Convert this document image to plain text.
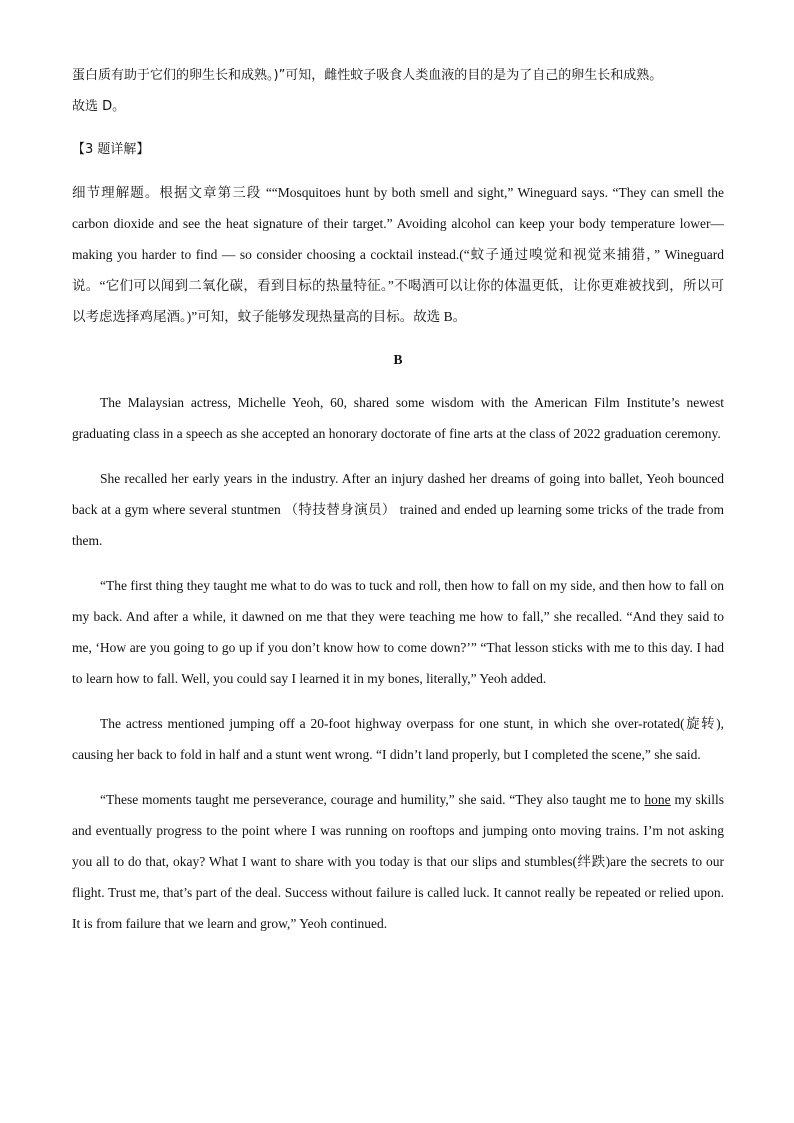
蛋白质有助于它们的卵生长和成熟。)”可知，雌性蚊子吸食人类血液的目的是为了自己的卵生长和成熟。

故选 D。

【3 题详解】

细节理解题。根据文章第三段 ““Mosquitoes hunt by both smell and sight,” Wineguard says. “They can smell the carbon dioxide and see the heat signature of their target.” Avoiding alcohol can keep your body temperature lower— making you harder to find — so consider choosing a cocktail instead.(“蚊子通过嗅觉和视觉来捕猎，” Wineguard 说。“它们可以闻到二氧化碳，看到目标的热量特征。”不喝酒可以让你的体温更低，让你更难被找到，所以可以考虑选择鸡尾酒。)”可知，蚊子能够发现热量高的目标。故选 B。

B

The Malaysian actress, Michelle Yeoh, 60, shared some wisdom with the American Film Institute’s newest graduating class in a speech as she accepted an honorary doctorate of fine arts at the class of 2022 graduation ceremony.

She recalled her early years in the industry. After an injury dashed her dreams of going into ballet, Yeoh bounced back at a gym where several stuntmen （特技替身演员） trained and ended up learning some tricks of the trade from them.

“The first thing they taught me what to do was to tuck and roll, then how to fall on my side, and then how to fall on my back. And after a while, it dawned on me that they were teaching me how to fall,” she recalled. “And they said to me, ‘How are you going to go up if you don’t know how to come down?’” “That lesson sticks with me to this day. I had to learn how to fall. Well, you could say I learned it in my bones, literally,” Yeoh added.

The actress mentioned jumping off a 20-foot highway overpass for one stunt, in which she over-rotated(旋转), causing her back to fold in half and a stunt went wrong. “I didn’t land properly, but I completed the scene,” she said.

“These moments taught me perseverance, courage and humility,” she said. “They also taught me to hone my skills and eventually progress to the point where I was running on rooftops and jumping onto moving trains. I’m not asking you all to do that, okay? What I want to share with you today is that our slips and stumbles(绊跌)are the secrets to our flight. Trust me, that’s part of the deal. Success without failure is called luck. It cannot really be repeated or relied upon. It is from failure that we learn and grow,” Yeoh continued.
